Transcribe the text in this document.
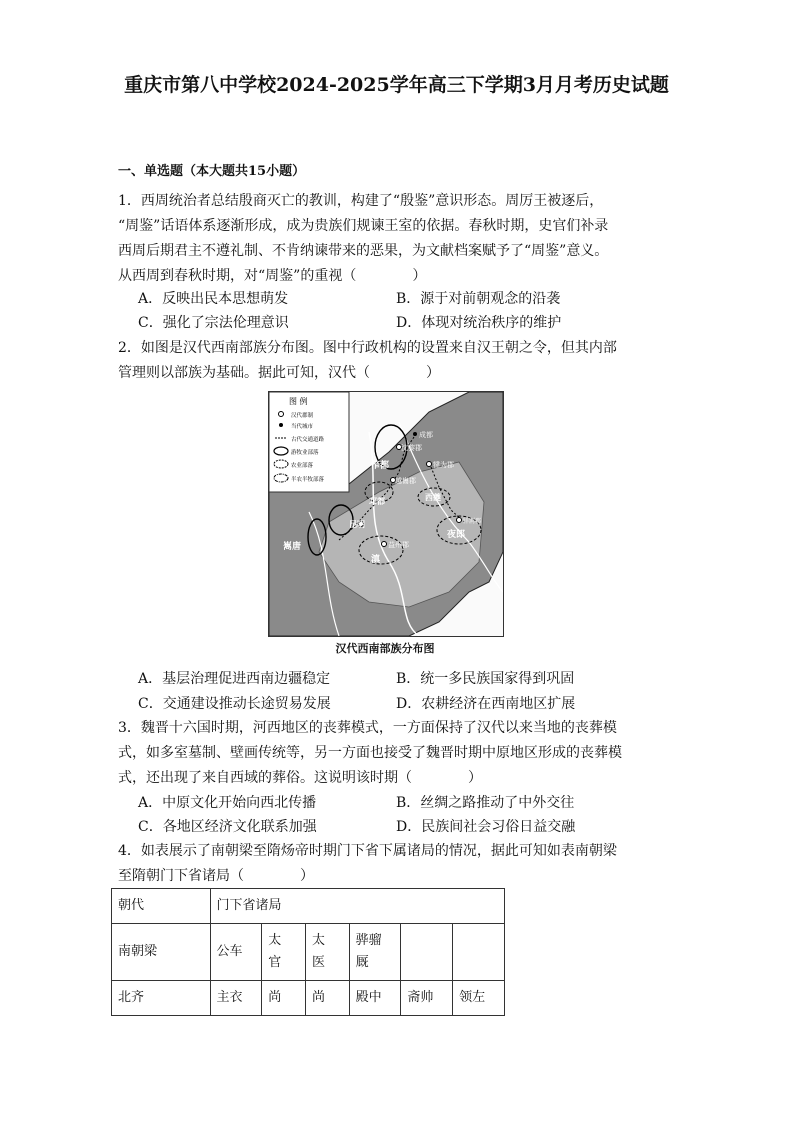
重庆市第八中学校2024-2025学年高三下学期3月月考历史试题
一、单选题（本大题共15小题）
1．西周统治者总结殷商灭亡的教训，构建了“殷鉴”意识形态。周厉王被逐后，
“周鉴”话语体系逐渐形成，成为贵族们规谏王室的依据。春秋时期，史官们补录
西周后期君主不遵礼制、不肯纳谏带来的恶果，为文献档案赋予了“周鉴”意义。
从西周到春秋时期，对“周鉴”的重视（　　　　）
A．反映出民本思想萌发	B．源于对前朝观念的沿袭
C．强化了宗法伦理意识	D．体现对统治秩序的维护
2．如图是汉代西南部族分布图。图中行政机构的设置来自汉王朝之令，但其内部
管理则以部族为基础。据此可知，汉代（　　　　）
图 例
汉代郡制
当代城市
古代交通道路
游牧业部落
农业部落
半农半牧部落
成都
沈黎郡
犍为郡
笮都
越巂郡
邛都	西夔
牂牁郡
夜郎
昆明
益州郡
滇
嶲唐
汉代西南部族分布图
A．基层治理促进西南边疆稳定	B．统一多民族国家得到巩固
C．交通建设推动长途贸易发展	D．农耕经济在西南地区扩展
3．魏晋十六国时期，河西地区的丧葬模式，一方面保持了汉代以来当地的丧葬模
式，如多室墓制、壁画传统等，另一方面也接受了魏晋时期中原地区形成的丧葬模
式，还出现了来自西域的葬俗。这说明该时期（　　　　）
A．中原文化开始向西北传播	B．丝绸之路推动了中外交往
C．各地区经济文化联系加强	D．民族间社会习俗日益交融
4．如表展示了南朝梁至隋炀帝时期门下省下属诸局的情况，据此可知如表南朝梁
至隋朝门下省诸局（　　　　）
朝代	门下省诸局					
南朝梁	公车	太官	太医	骅骝厩		
北齐	主衣	尚	尚	殿中	斋帅	领左
